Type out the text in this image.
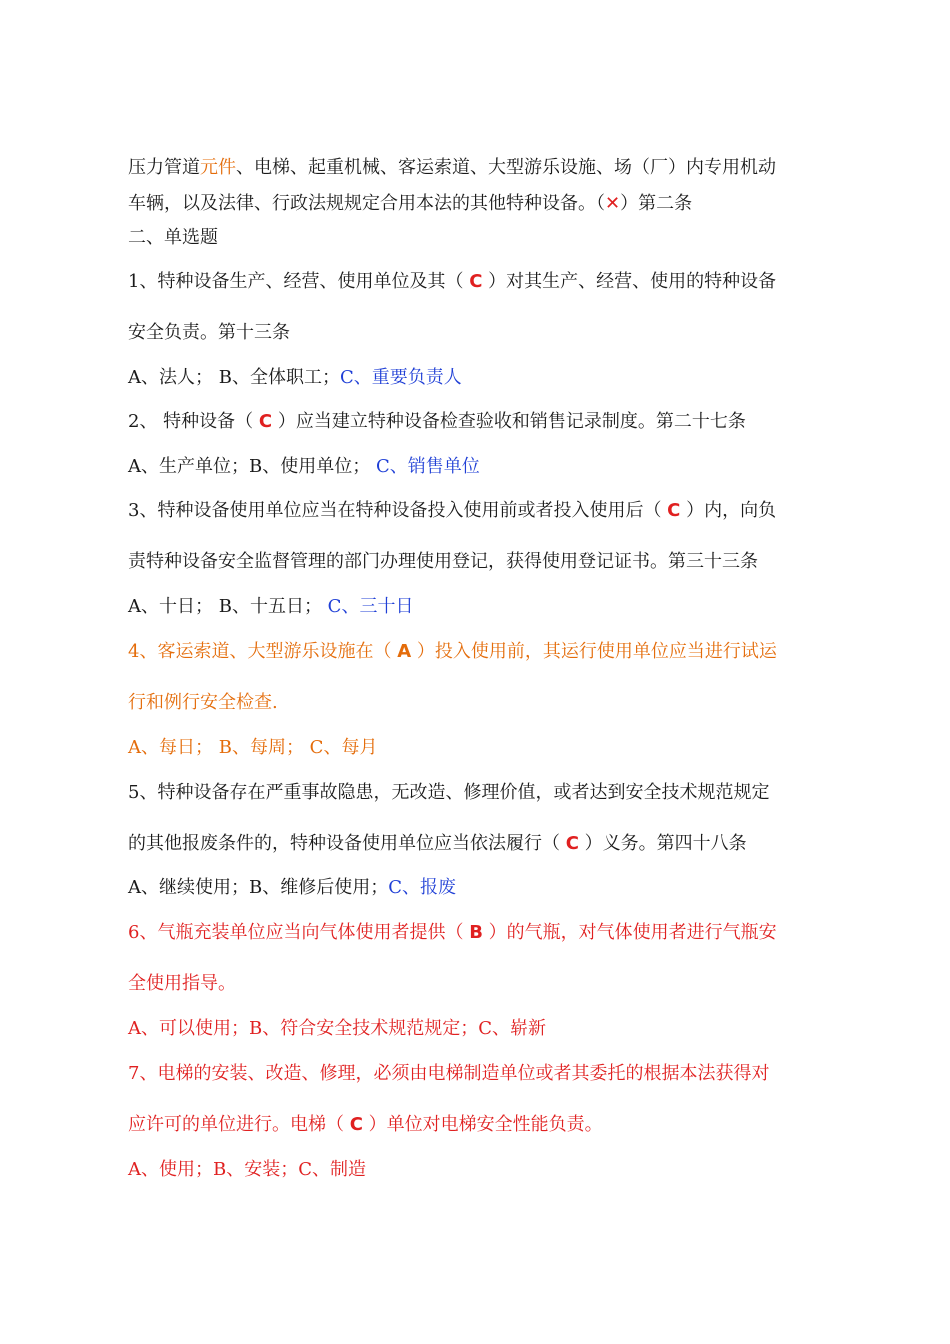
压力管道元件、电梯、起重机械、客运索道、大型游乐设施、场（厂）内专用机动
车辆，以及法律、行政法规规定合用本法的其他特种设备。（✕）第二条
二、单选题
1、特种设备生产、经营、使用单位及其（ C ）对其生产、经营、使用的特种设备
安全负责。第十三条
A、法人； B、全体职工；C、重要负责人
2、 特种设备（ C ）应当建立特种设备检查验收和销售记录制度。第二十七条
A、生产单位；B、使用单位； C、销售单位
3、特种设备使用单位应当在特种设备投入使用前或者投入使用后（ C ）内，向负
责特种设备安全监督管理的部门办理使用登记，获得使用登记证书。第三十三条
A、十日； B、十五日； C、三十日
4、客运索道、大型游乐设施在（ A ）投入使用前，其运行使用单位应当进行试运
行和例行安全检查.
A、每日； B、每周； C、每月
5、特种设备存在严重事故隐患，无改造、修理价值，或者达到安全技术规范规定
的其他报废条件的，特种设备使用单位应当依法履行（ C ）义务。第四十八条
A、继续使用；B、维修后使用；C、报废
6、气瓶充装单位应当向气体使用者提供（ B ）的气瓶，对气体使用者进行气瓶安
全使用指导。
A、可以使用；B、符合安全技术规范规定；C、崭新
7、电梯的安装、改造、修理，必须由电梯制造单位或者其委托的根据本法获得对
应许可的单位进行。电梯（ C ）单位对电梯安全性能负责。
A、使用；B、安装；C、制造
